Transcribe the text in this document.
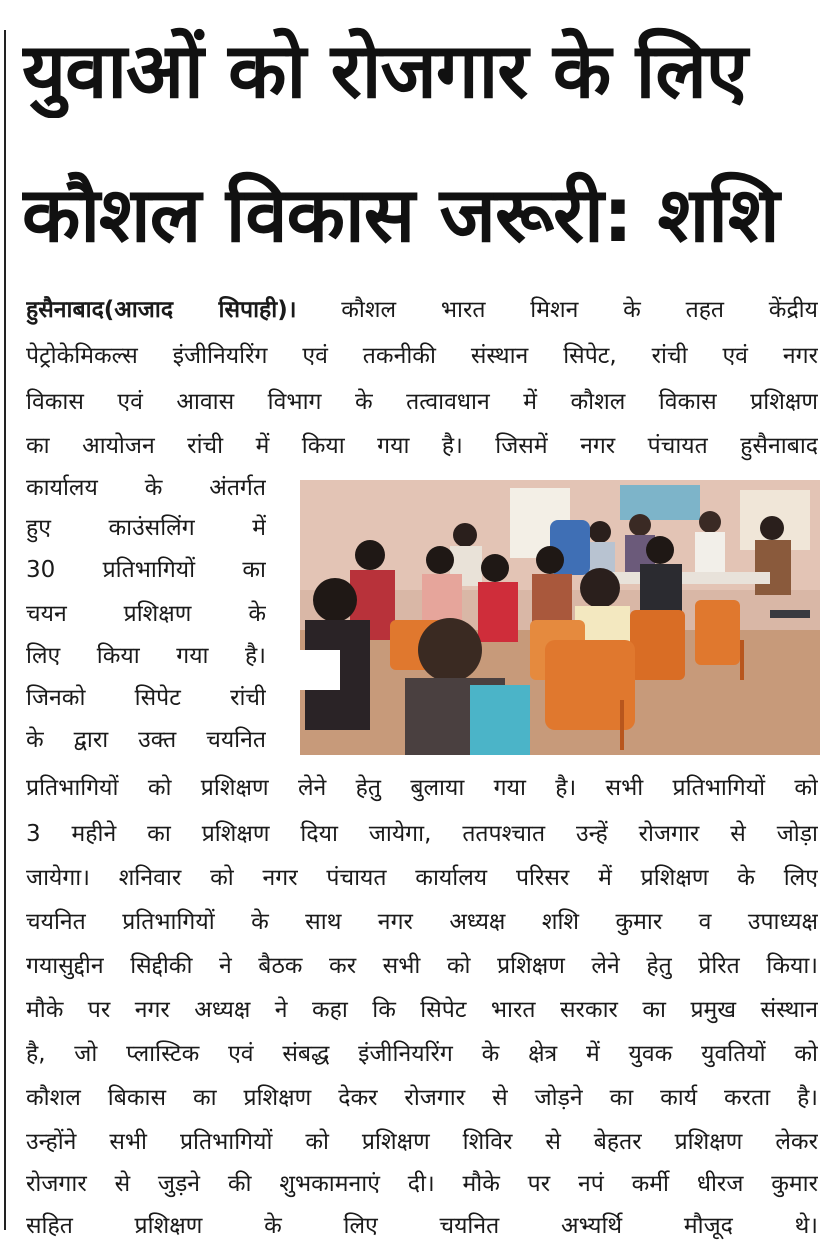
युवाओं को रोजगार के लिए
कौशल विकास जरूरी: शशि

हुसैनाबाद(आजाद सिपाही)। कौशल भारत मिशन के तहत केंद्रीय

पेट्रोकेमिकल्स इंजीनियरिंग एवं तकनीकी संस्थान सिपेट, रांची एवं नगर

विकास एवं आवास विभाग के तत्वावधान में कौशल विकास प्रशिक्षण

का आयोजन रांची में किया गया है। जिसमें नगर पंचायत हुसैनाबाद

कार्यालय के अंतर्गत

हुए काउंसलिंग में

30 प्रतिभागियों का

चयन प्रशिक्षण के

लिए किया गया है।

जिनको सिपेट रांची

के द्वारा उक्त चयनित

प्रतिभागियों को प्रशिक्षण लेने हेतु बुलाया गया है। सभी प्रतिभागियों को

3 महीने का प्रशिक्षण दिया जायेगा, ततपश्चात उन्हें रोजगार से जोड़ा

जायेगा। शनिवार को नगर पंचायत कार्यालय परिसर में प्रशिक्षण के लिए

चयनित प्रतिभागियों के साथ नगर अध्यक्ष शशि कुमार व उपाध्यक्ष

गयासुद्दीन सिद्दीकी ने बैठक कर सभी को प्रशिक्षण लेने हेतु प्रेरित किया।

मौके पर नगर अध्यक्ष ने कहा कि सिपेट भारत सरकार का प्रमुख संस्थान

है, जो प्लास्टिक एवं संबद्ध इंजीनियरिंग के क्षेत्र में युवक युवतियों को

कौशल बिकास का प्रशिक्षण देकर रोजगार से जोड़ने का कार्य करता है।

उन्होंने सभी प्रतिभागियों को प्रशिक्षण शिविर से बेहतर प्रशिक्षण लेकर

रोजगार से जुड़ने की शुभकामनाएं दी। मौके पर नपं कर्मी धीरज कुमार

सहित प्रशिक्षण के लिए चयनित अभ्यर्थि मौजूद थे।
